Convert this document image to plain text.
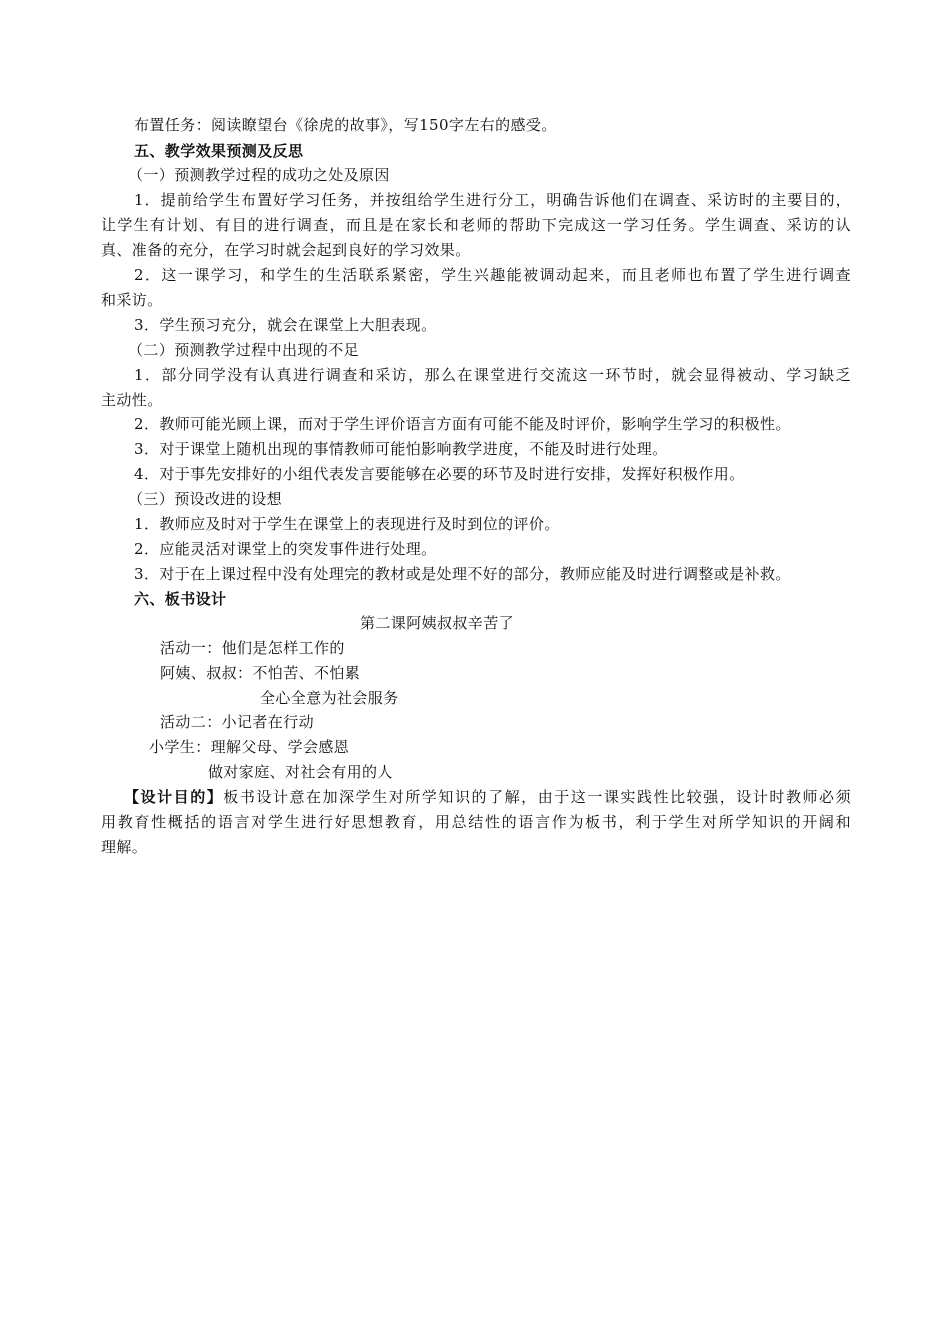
布置任务：阅读瞭望台《徐虎的故事》，写150字左右的感受。
五、教学效果预测及反思
（一）预测教学过程的成功之处及原因
1．提前给学生布置好学习任务，并按组给学生进行分工，明确告诉他们在调查、采访时的主要目的，
让学生有计划、有目的进行调查，而且是在家长和老师的帮助下完成这一学习任务。学生调查、采访的认
真、准备的充分，在学习时就会起到良好的学习效果。
2．这一课学习，和学生的生活联系紧密，学生兴趣能被调动起来，而且老师也布置了学生进行调查
和采访。
3．学生预习充分，就会在课堂上大胆表现。
（二）预测教学过程中出现的不足
1．部分同学没有认真进行调查和采访，那么在课堂进行交流这一环节时，就会显得被动、学习缺乏
主动性。
2．教师可能光顾上课，而对于学生评价语言方面有可能不能及时评价，影响学生学习的积极性。
3．对于课堂上随机出现的事情教师可能怕影响教学进度，不能及时进行处理。
4．对于事先安排好的小组代表发言要能够在必要的环节及时进行安排，发挥好积极作用。
（三）预设改进的设想
1．教师应及时对于学生在课堂上的表现进行及时到位的评价。
2．应能灵活对课堂上的突发事件进行处理。
3．对于在上课过程中没有处理完的教材或是处理不好的部分，教师应能及时进行调整或是补救。
六、板书设计
第二课阿姨叔叔辛苦了
活动一：他们是怎样工作的
阿姨、叔叔：不怕苦、不怕累
全心全意为社会服务
活动二：小记者在行动
小学生：理解父母、学会感恩
做对家庭、对社会有用的人
【设计目的】板书设计意在加深学生对所学知识的了解，由于这一课实践性比较强，设计时教师必须
用教育性概括的语言对学生进行好思想教育，用总结性的语言作为板书，利于学生对所学知识的开阔和
理解。
